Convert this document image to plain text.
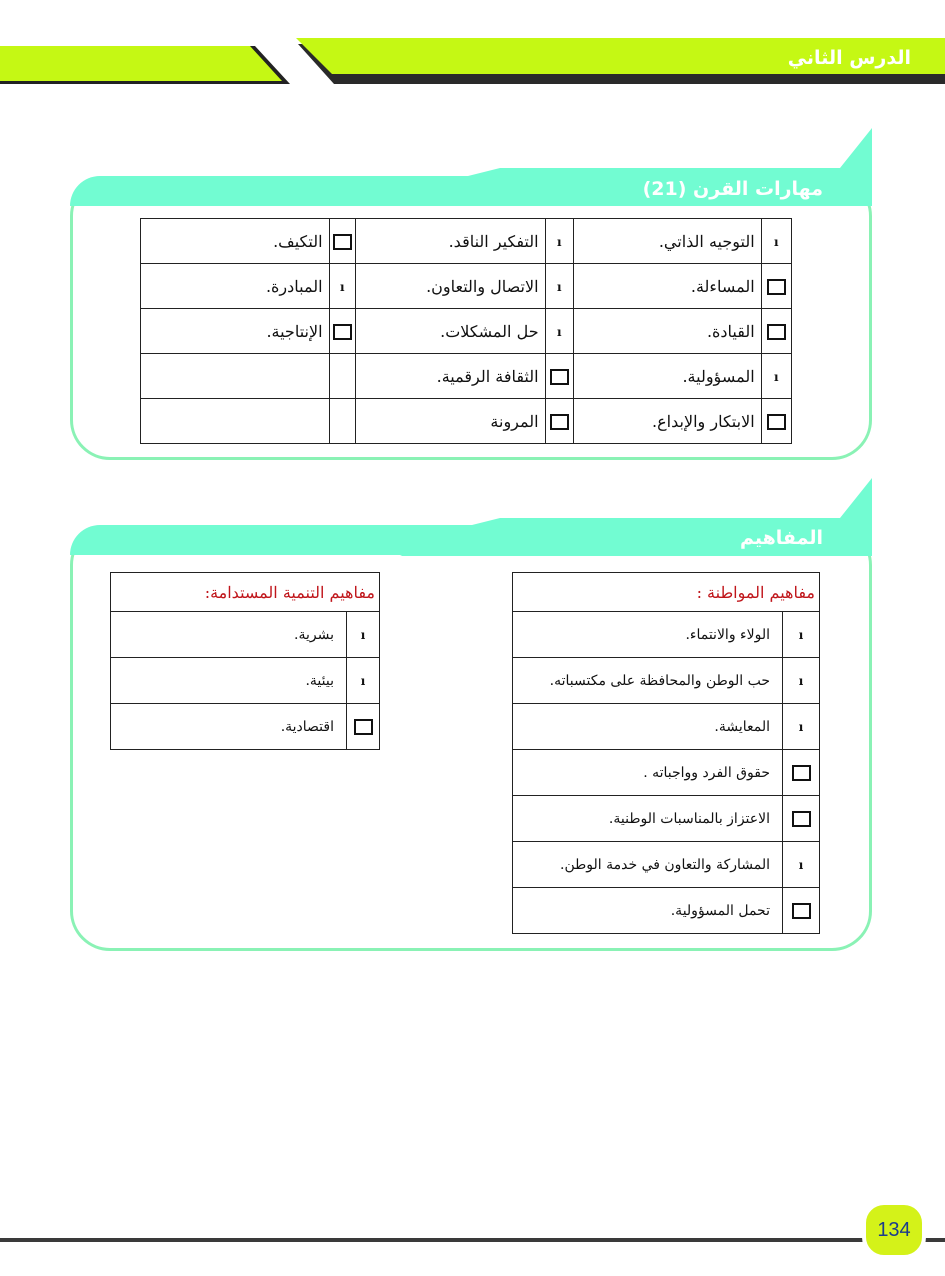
الدرس الثاني
مهارات القرن (21)
التكيف.		التفكير الناقد.	ı	التوجيه الذاتي.	ı
المبادرة.	ı	الاتصال والتعاون.	ı	المساءلة.	
الإنتاجية.		حل المشكلات.	ı	القيادة.	
		الثقافة الرقمية.		المسؤولية.	ı
		المرونة		الابتكار والإبداع.	
المفاهيم
مفاهيم المواطنة :	
الولاء والانتماء.	ı
حب الوطن والمحافظة على مكتسباته.	ı
المعايشة.	ı
حقوق الفرد وواجباته .	
الاعتزاز بالمناسبات الوطنية.	
المشاركة والتعاون في خدمة الوطن.	ı
تحمل المسؤولية.	
مفاهيم التنمية المستدامة:	
بشرية.	ı
بيئية.	ı
اقتصادية.	
134
